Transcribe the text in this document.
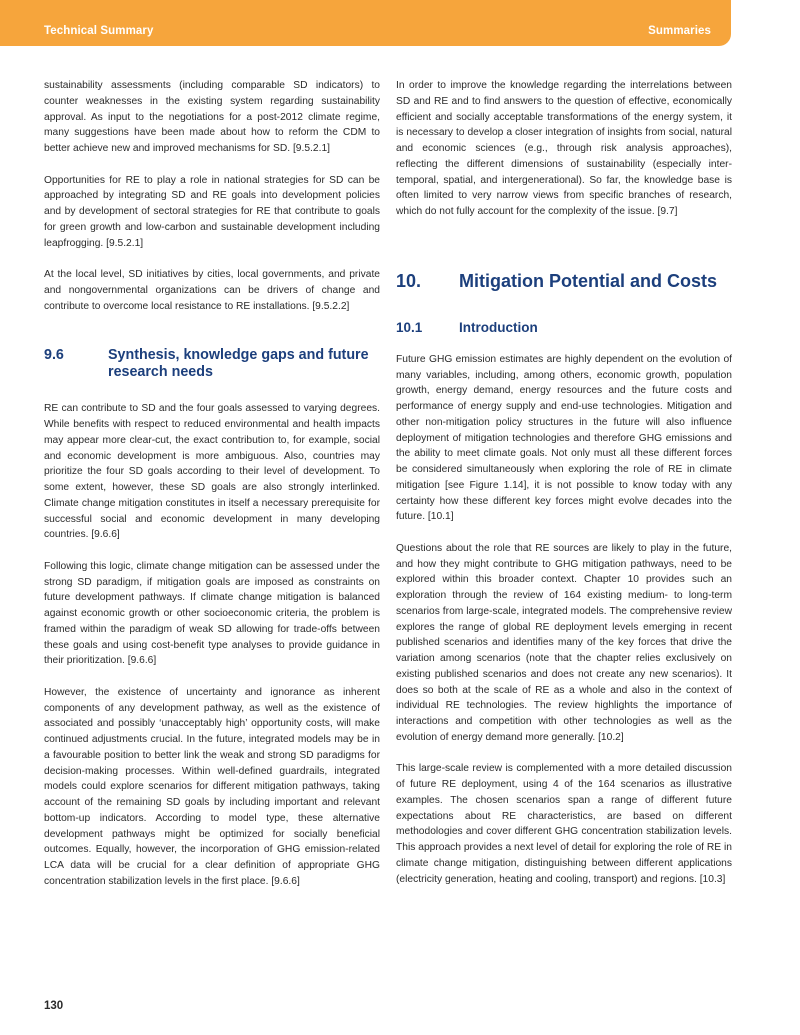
Technical Summary	Summaries

sustainability assessments (including comparable SD indicators) to counter weaknesses in the existing system regarding sustainability approval. As input to the negotiations for a post-2012 climate regime, many suggestions have been made about how to reform the CDM to better achieve new and improved mechanisms for SD. [9.5.2.1]

Opportunities for RE to play a role in national strategies for SD can be approached by integrating SD and RE goals into development policies and by development of sectoral strategies for RE that contribute to goals for green growth and low-carbon and sustainable development including leapfrogging. [9.5.2.1]

At the local level, SD initiatives by cities, local governments, and private and nongovernmental organizations can be drivers of change and contribute to overcome local resistance to RE installations. [9.5.2.2]

9.6	Synthesis, knowledge gaps and future research needs

RE can contribute to SD and the four goals assessed to varying degrees. While benefits with respect to reduced environmental and health impacts may appear more clear-cut, the exact contribution to, for example, social and economic development is more ambiguous. Also, countries may prioritize the four SD goals according to their level of development. To some extent, however, these SD goals are also strongly interlinked. Climate change mitigation constitutes in itself a necessary prerequisite for successful social and economic development in many developing countries. [9.6.6]

Following this logic, climate change mitigation can be assessed under the strong SD paradigm, if mitigation goals are imposed as constraints on future development pathways. If climate change mitigation is balanced against economic growth or other socioeconomic criteria, the problem is framed within the paradigm of weak SD allowing for trade-offs between these goals and using cost-benefit type analyses to provide guidance in their prioritization. [9.6.6]

However, the existence of uncertainty and ignorance as inherent components of any development pathway, as well as the existence of associated and possibly ‘unacceptably high’ opportunity costs, will make continued adjustments crucial. In the future, integrated models may be in a favourable position to better link the weak and strong SD paradigms for decision-making processes. Within well-defined guardrails, integrated models could explore scenarios for different mitigation pathways, taking account of the remaining SD goals by including important and relevant bottom-up indicators. According to model type, these alternative development pathways might be optimized for socially beneficial outcomes. Equally, however, the incorporation of GHG emission-related LCA data will be crucial for a clear definition of appropriate GHG concentration stabilization levels in the first place. [9.6.6]

In order to improve the knowledge regarding the interrelations between SD and RE and to find answers to the question of effective, economically efficient and socially acceptable transformations of the energy system, it is necessary to develop a closer integration of insights from social, natural and economic sciences (e.g., through risk analysis approaches), reflecting the different dimensions of sustainability (especially intertemporal, spatial, and intergenerational). So far, the knowledge base is often limited to very narrow views from specific branches of research, which do not fully account for the complexity of the issue. [9.7]

10.	Mitigation Potential and Costs
10.1	Introduction

Future GHG emission estimates are highly dependent on the evolution of many variables, including, among others, economic growth, population growth, energy demand, energy resources and the future costs and performance of energy supply and end-use technologies. Mitigation and other non-mitigation policy structures in the future will also influence deployment of mitigation technologies and therefore GHG emissions and the ability to meet climate goals. Not only must all these different forces be considered simultaneously when exploring the role of RE in climate mitigation [see Figure 1.14], it is not possible to know today with any certainty how these different key forces might evolve decades into the future. [10.1]

Questions about the role that RE sources are likely to play in the future, and how they might contribute to GHG mitigation pathways, need to be explored within this broader context. Chapter 10 provides such an exploration through the review of 164 existing medium- to long-term scenarios from large-scale, integrated models. The comprehensive review explores the range of global RE deployment levels emerging in recent published scenarios and identifies many of the key forces that drive the variation among scenarios (note that the chapter relies exclusively on existing published scenarios and does not create any new scenarios). It does so both at the scale of RE as a whole and also in the context of individual RE technologies. The review highlights the importance of interactions and competition with other technologies as well as the evolution of energy demand more generally. [10.2]

This large-scale review is complemented with a more detailed discussion of future RE deployment, using 4 of the 164 scenarios as illustrative examples. The chosen scenarios span a range of different future expectations about RE characteristics, are based on different methodologies and cover different GHG concentration stabilization levels. This approach provides a next level of detail for exploring the role of RE in climate change mitigation, distinguishing between different applications (electricity generation, heating and cooling, transport) and regions. [10.3]

130
